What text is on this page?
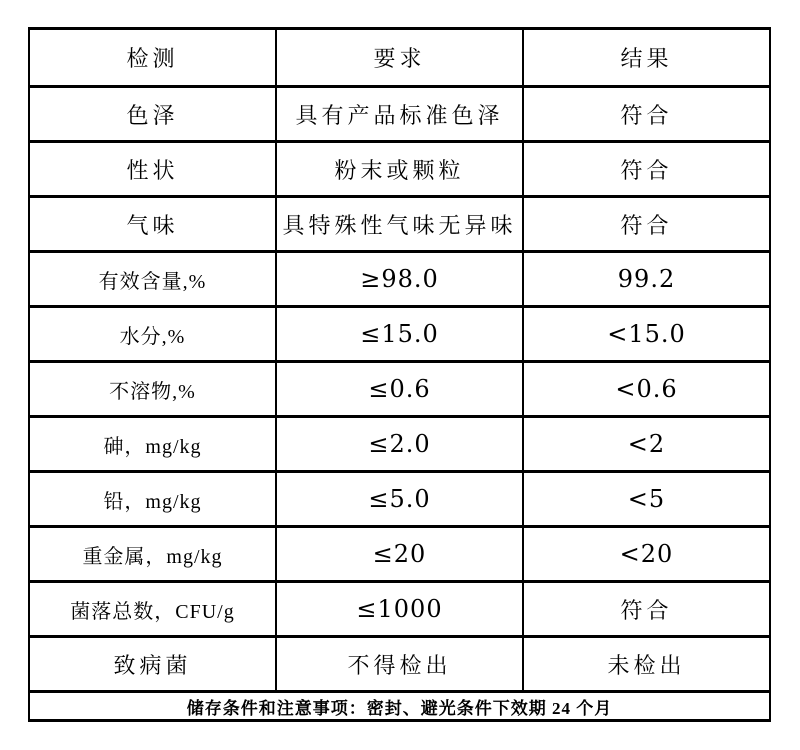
检测	要求	结果
色泽	具有产品标准色泽	符合
性状	粉末或颗粒	符合
气味	具特殊性气味无异味	符合
有效含量,%	≥98.0	99.2
水分,%	≤15.0	<15.0
不溶物,%	≤0.6	<0.6
砷，mg/kg	≤2.0	<2
铅，mg/kg	≤5.0	<5
重金属，mg/kg	≤20	<20
菌落总数，CFU/g	≤1000	符合
致病菌	不得检出	未检出
储存条件和注意事项：密封、避光条件下效期 24 个月		
